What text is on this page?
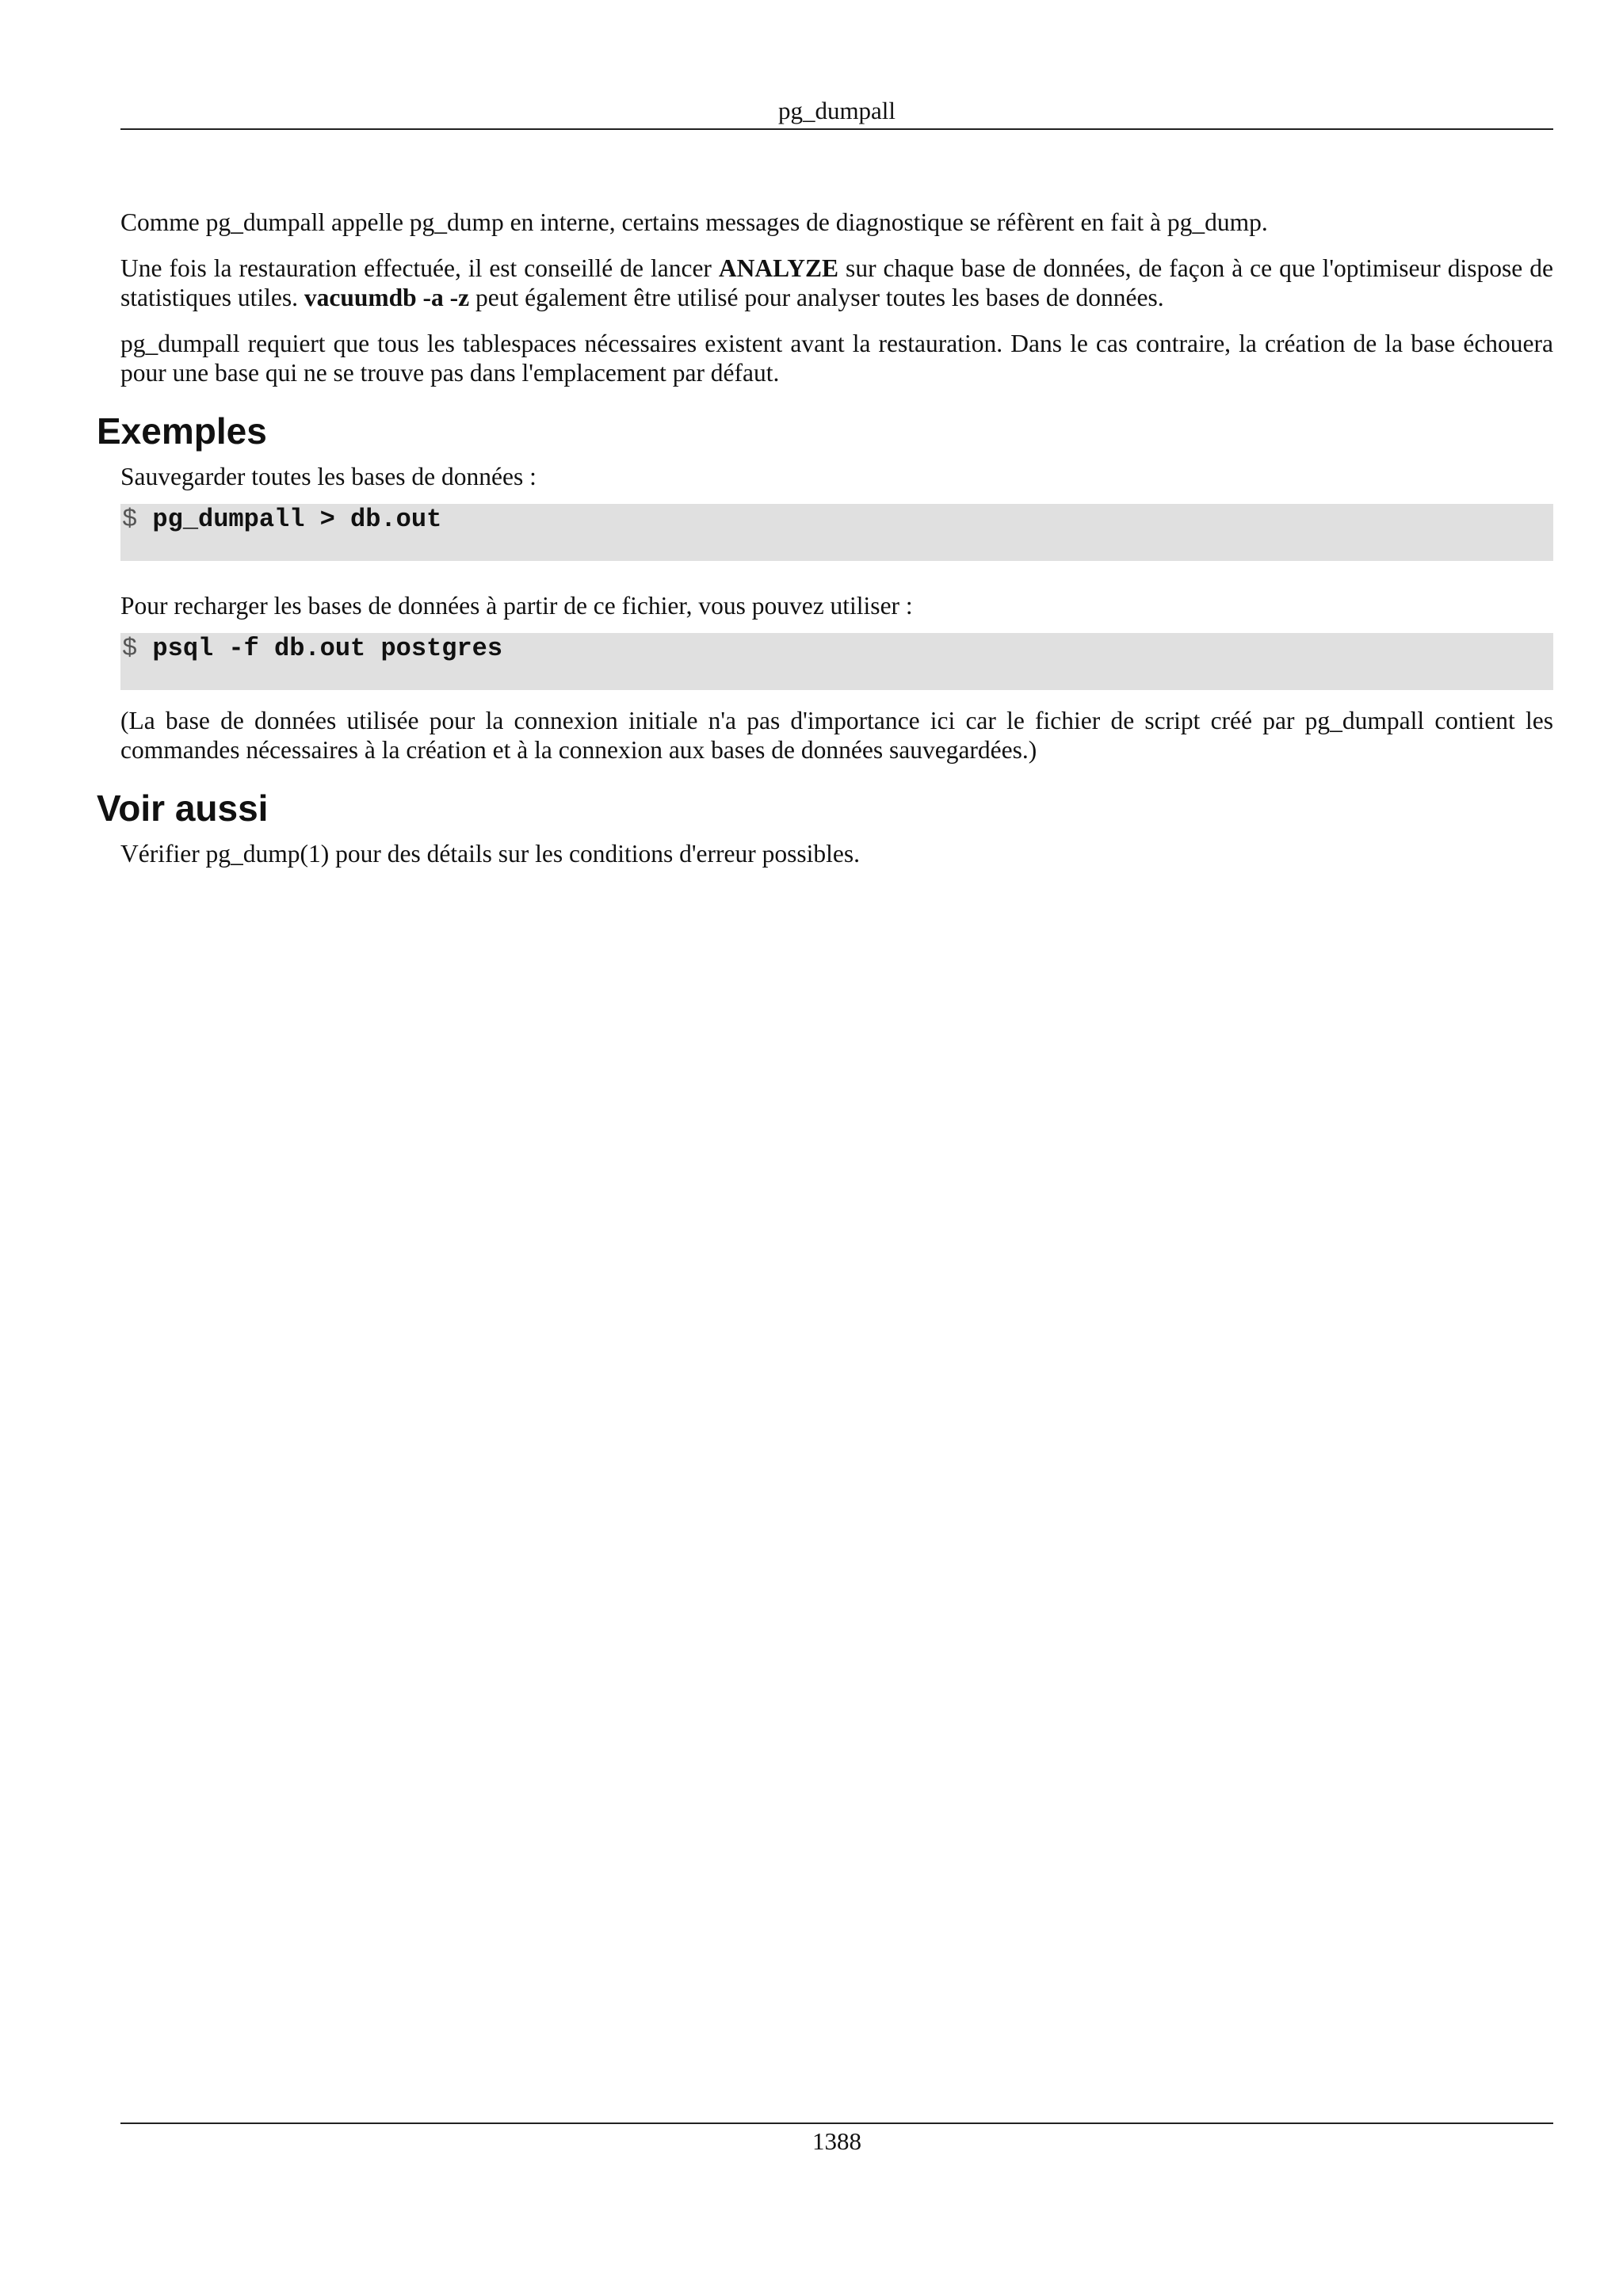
pg_dumpall

Comme pg_dumpall appelle pg_dump en interne, certains messages de diagnostique se réfèrent en fait à pg_dump.

Une fois la restauration effectuée, il est conseillé de lancer ANALYZE sur chaque base de données, de façon à ce que l'optimiseur dispose de statistiques utiles. vacuumdb -a -z peut également être utilisé pour analyser toutes les bases de données.

pg_dumpall requiert que tous les tablespaces nécessaires existent avant la restauration. Dans le cas contraire, la création de la base échouera pour une base qui ne se trouve pas dans l'emplacement par défaut.

Exemples

Sauvegarder toutes les bases de données :

$ pg_dumpall > db.out

Pour recharger les bases de données à partir de ce fichier, vous pouvez utiliser :

$ psql -f db.out postgres

(La base de données utilisée pour la connexion initiale n'a pas d'importance ici car le fichier de script créé par pg_dumpall contient les commandes nécessaires à la création et à la connexion aux bases de données sauvegardées.)

Voir aussi

Vérifier pg_dump(1) pour des détails sur les conditions d'erreur possibles.

1388
